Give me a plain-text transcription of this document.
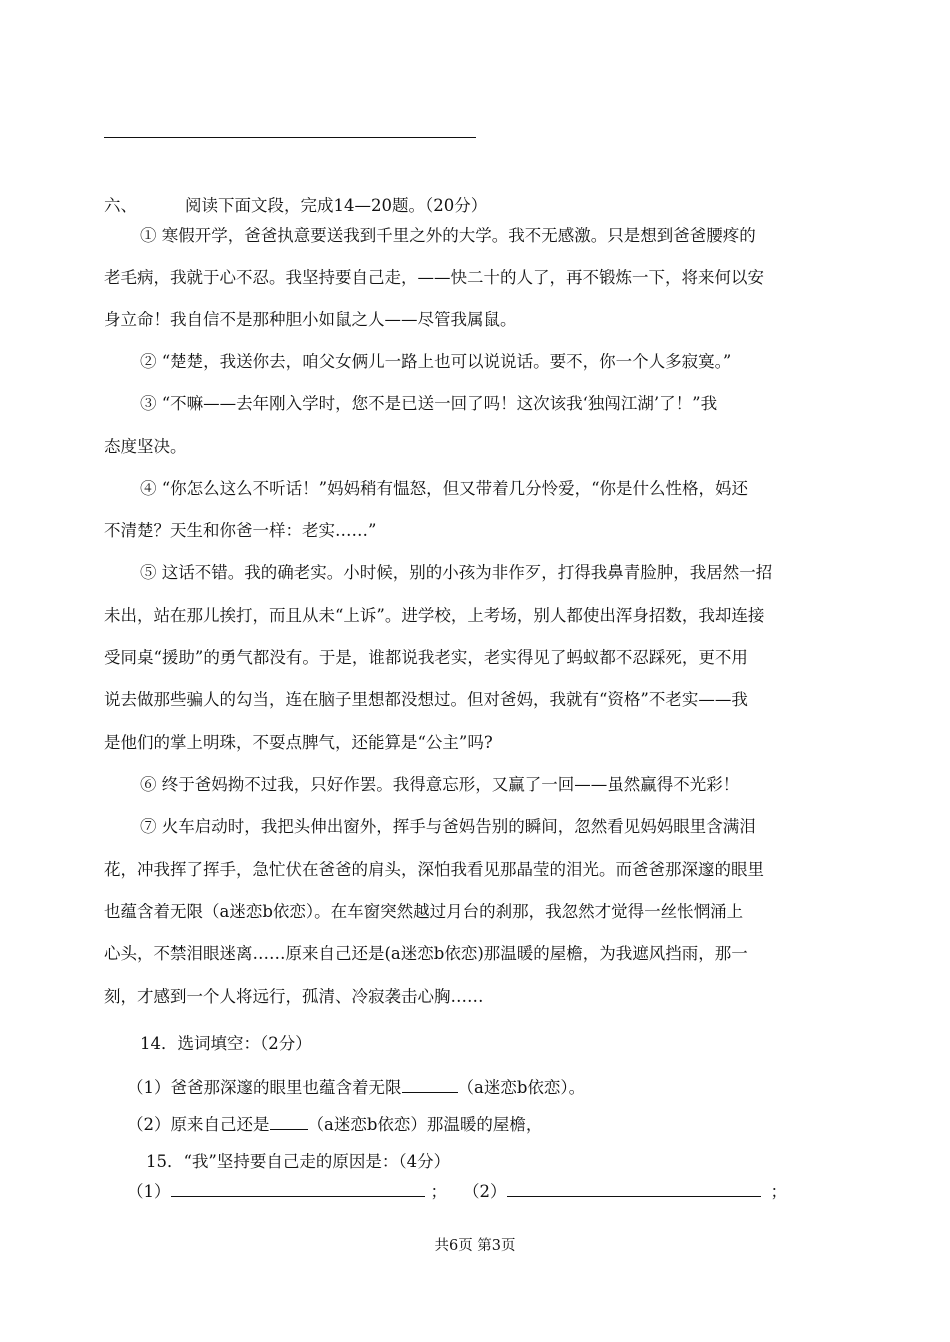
六、	阅读下面文段，完成14—20题。（20分）
① 寒假开学，爸爸执意要送我到千里之外的大学。我不无感激。只是想到爸爸腰疼的
老毛病，我就于心不忍。我坚持要自己走，——快二十的人了，再不锻炼一下，将来何以安
身立命！我自信不是那种胆小如鼠之人——尽管我属鼠。
② “楚楚，我送你去，咱父女俩儿一路上也可以说说话。要不，你一个人多寂寞。”
③ “不嘛——去年刚入学时，您不是已送一回了吗！这次该我‘独闯江湖’了！”我
态度坚决。
④ “你怎么这么不听话！”妈妈稍有愠怒，但又带着几分怜爱，“你是什么性格，妈还
不清楚？天生和你爸一样：老实……”
⑤ 这话不错。我的确老实。小时候，别的小孩为非作歹，打得我鼻青脸肿，我居然一招
未出，站在那儿挨打，而且从未“上诉”。进学校，上考场，别人都使出浑身招数，我却连接
受同桌“援助”的勇气都没有。于是，谁都说我老实，老实得见了蚂蚁都不忍踩死，更不用
说去做那些骗人的勾当，连在脑子里想都没想过。但对爸妈，我就有“资格”不老实——我
是他们的掌上明珠，不耍点脾气，还能算是“公主”吗?
⑥ 终于爸妈拗不过我，只好作罢。我得意忘形，又赢了一回——虽然赢得不光彩！
⑦ 火车启动时，我把头伸出窗外，挥手与爸妈告别的瞬间，忽然看见妈妈眼里含满泪
花，冲我挥了挥手，急忙伏在爸爸的肩头，深怕我看见那晶莹的泪光。而爸爸那深邃的眼里
也蕴含着无限（a迷恋b依恋）。在车窗突然越过月台的刹那，我忽然才觉得一丝怅惘涌上
心头，不禁泪眼迷离……原来自己还是(a迷恋b依恋)那温暖的屋檐，为我遮风挡雨，那一
刻，才感到一个人将远行，孤清、冷寂袭击心胸……
14．选词填空：（2分）
（1）爸爸那深邃的眼里也蕴含着无限	（a迷恋b依恋）。
（2）原来自己还是 （a迷恋b依恋）那温暖的屋檐，
15．“我”坚持要自己走的原因是：（4分）
（1）	； （2）	；
共6页 第3页
